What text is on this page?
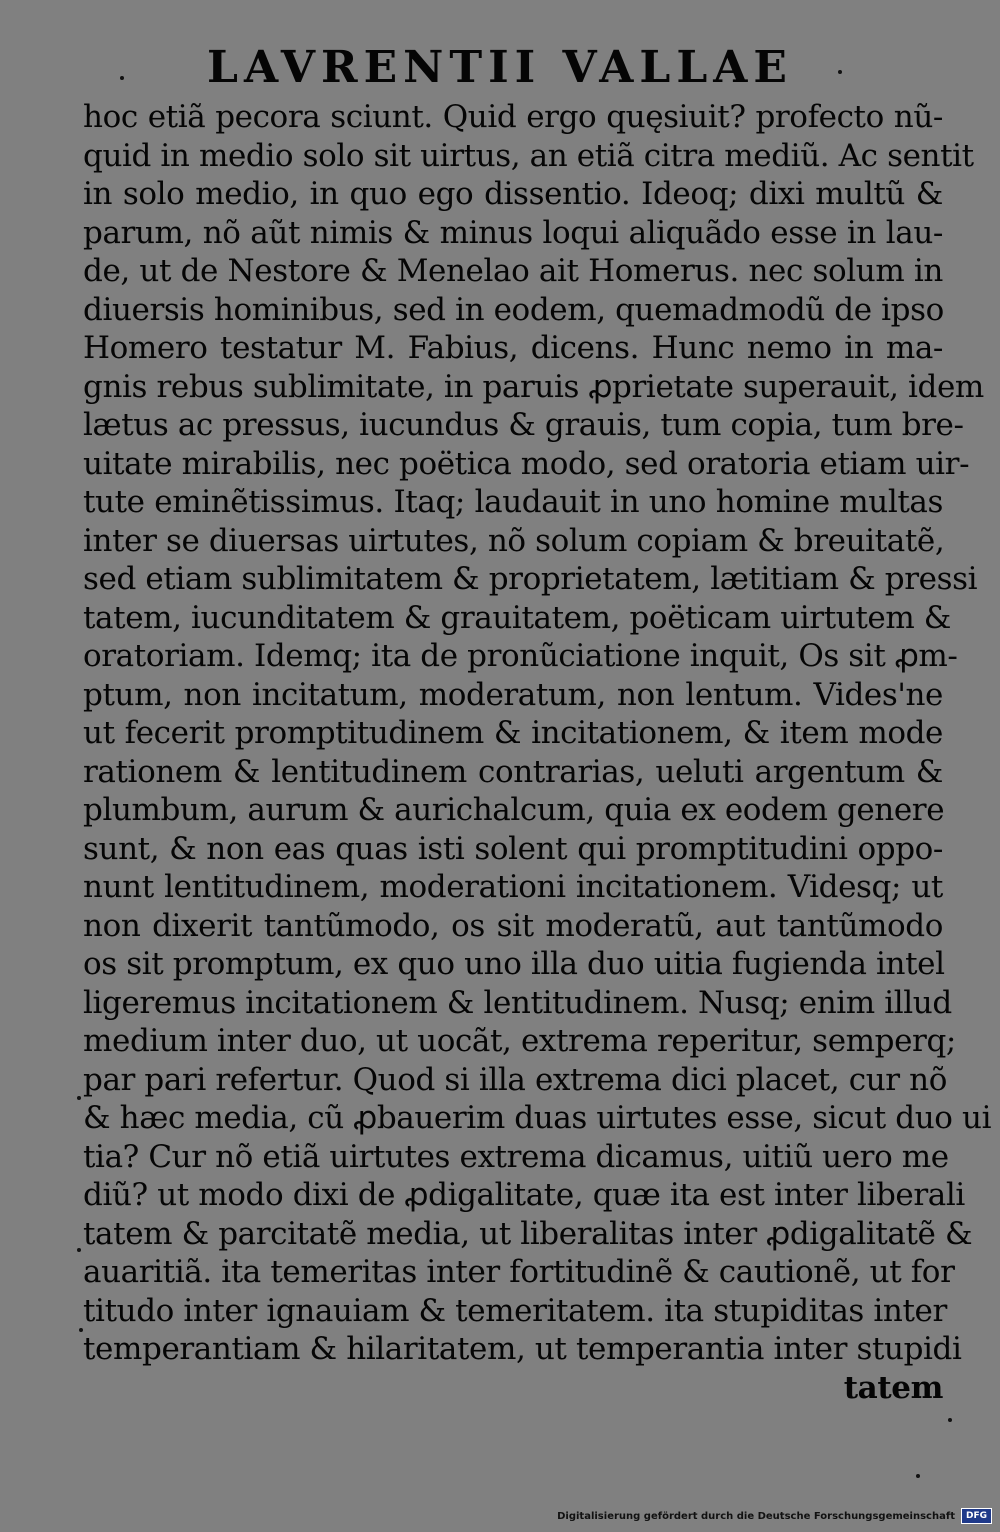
LAVRENTII VALLAE
hoc etiã pecora sciunt. Quid ergo quęsiuit? profecto nũ-
quid in medio solo sit uirtus, an etiã citra mediũ. Ac sentit
in solo medio, in quo ego dissentio. Ideoq; dixi multũ &
parum, nõ aũt nimis & minus loqui aliquãdo esse in lau-
de, ut de Nestore & Menelao ait Homerus. nec solum in
diuersis hominibus, sed in eodem, quemadmodũ de ipso
Homero testatur M. Fabius, dicens. Hunc nemo in ma-
gnis rebus sublimitate, in paruis ꝓprietate superauit, idem
lætus ac pressus, iucundus & grauis, tum copia, tum bre-
uitate mirabilis, nec poëtica modo, sed oratoria etiam uir-
tute eminẽtissimus. Itaq; laudauit in uno homine multas
inter se diuersas uirtutes, nõ solum copiam & breuitatẽ,
sed etiam sublimitatem & proprietatem, lætitiam & pressi
tatem, iucunditatem & grauitatem, poëticam uirtutem &
oratoriam. Idemq; ita de pronũciatione inquit, Os sit ꝓm-
ptum, non incitatum, moderatum, non lentum. Vides'ne
ut fecerit promptitudinem & incitationem, & item mode
rationem & lentitudinem contrarias, ueluti argentum &
plumbum, aurum & aurichalcum, quia ex eodem genere
sunt, & non eas quas isti solent qui promptitudini oppo-
nunt lentitudinem, moderationi incitationem. Videsq; ut
non dixerit tantũmodo, os sit moderatũ, aut tantũmodo
os sit promptum, ex quo uno illa duo uitia fugienda intel
ligeremus incitationem & lentitudinem. Nusq; enim illud
medium inter duo, ut uocãt, extrema reperitur, semperq;
par pari refertur. Quod si illa extrema dici placet, cur nõ
& hæc media, cũ ꝓbauerim duas uirtutes esse, sicut duo ui
tia? Cur nõ etiã uirtutes extrema dicamus, uitiũ uero me
diũ? ut modo dixi de ꝓdigalitate, quæ ita est inter liberali
tatem & parcitatẽ media, ut liberalitas inter ꝓdigalitatẽ &
auaritiã. ita temeritas inter fortitudinẽ & cautionẽ, ut for
titudo inter ignauiam & temeritatem. ita stupiditas inter
temperantiam & hilaritatem, ut temperantia inter stupidi
tatem
Digitalisierung gefördert durch die Deutsche Forschungsgemeinschaft	DFG
